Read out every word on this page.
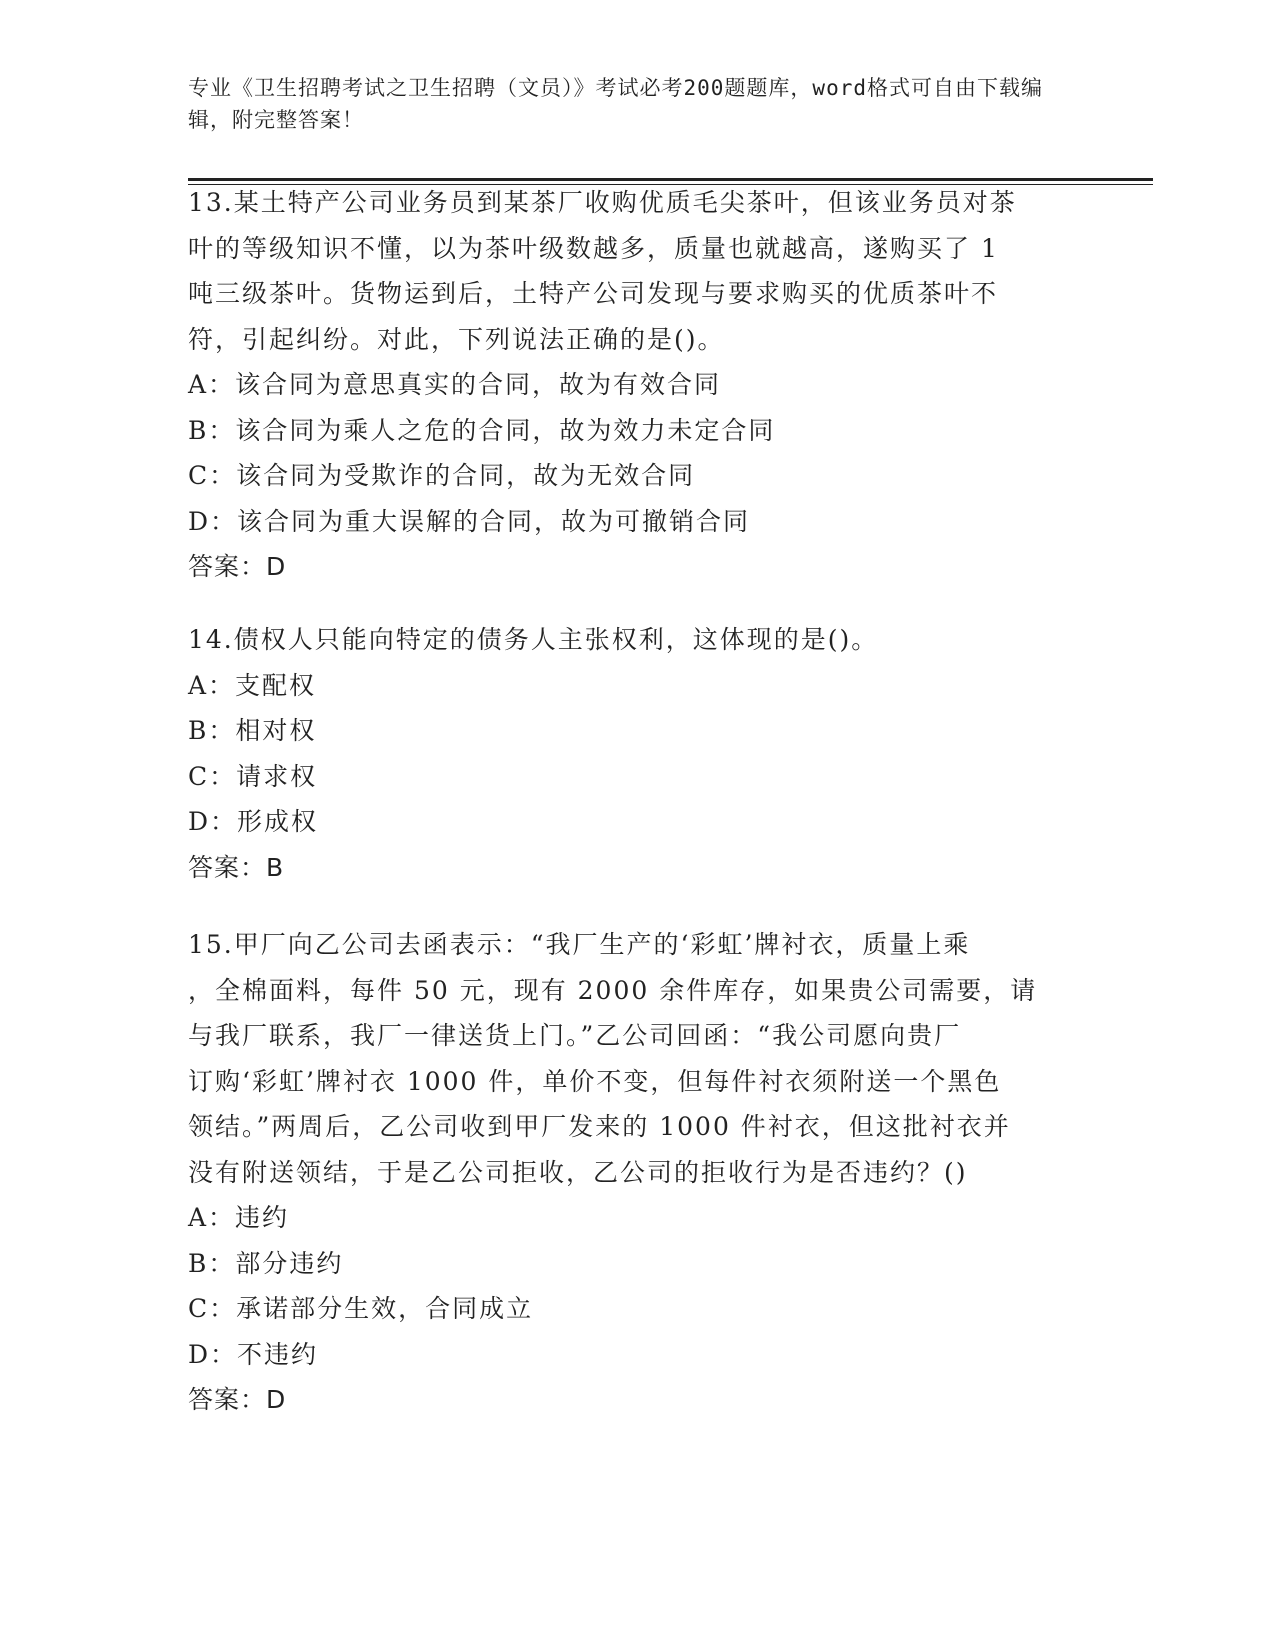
专业《卫生招聘考试之卫生招聘（文员）》考试必考200题题库，word格式可自由下载编辑，附完整答案！

13.某土特产公司业务员到某茶厂收购优质毛尖茶叶，但该业务员对茶

叶的等级知识不懂，以为茶叶级数越多，质量也就越高，遂购买了 1

吨三级茶叶。货物运到后，土特产公司发现与要求购买的优质茶叶不

符，引起纠纷。对此，下列说法正确的是()。

A：该合同为意思真实的合同，故为有效合同

B：该合同为乘人之危的合同，故为效力未定合同

C：该合同为受欺诈的合同，故为无效合同

D：该合同为重大误解的合同，故为可撤销合同

答案：D

14.债权人只能向特定的债务人主张权利，这体现的是()。

A：支配权

B：相对权

C：请求权

D：形成权

答案：B

15.甲厂向乙公司去函表示：“我厂生产的‘彩虹’牌衬衣，质量上乘

，全棉面料，每件 50 元，现有 2000 余件库存，如果贵公司需要，请

与我厂联系，我厂一律送货上门。”乙公司回函：“我公司愿向贵厂

订购‘彩虹’牌衬衣 1000 件，单价不变，但每件衬衣须附送一个黑色

领结。”两周后，乙公司收到甲厂发来的 1000 件衬衣，但这批衬衣并

没有附送领结，于是乙公司拒收，乙公司的拒收行为是否违约？()

A：违约

B：部分违约

C：承诺部分生效，合同成立

D：不违约

答案：D
